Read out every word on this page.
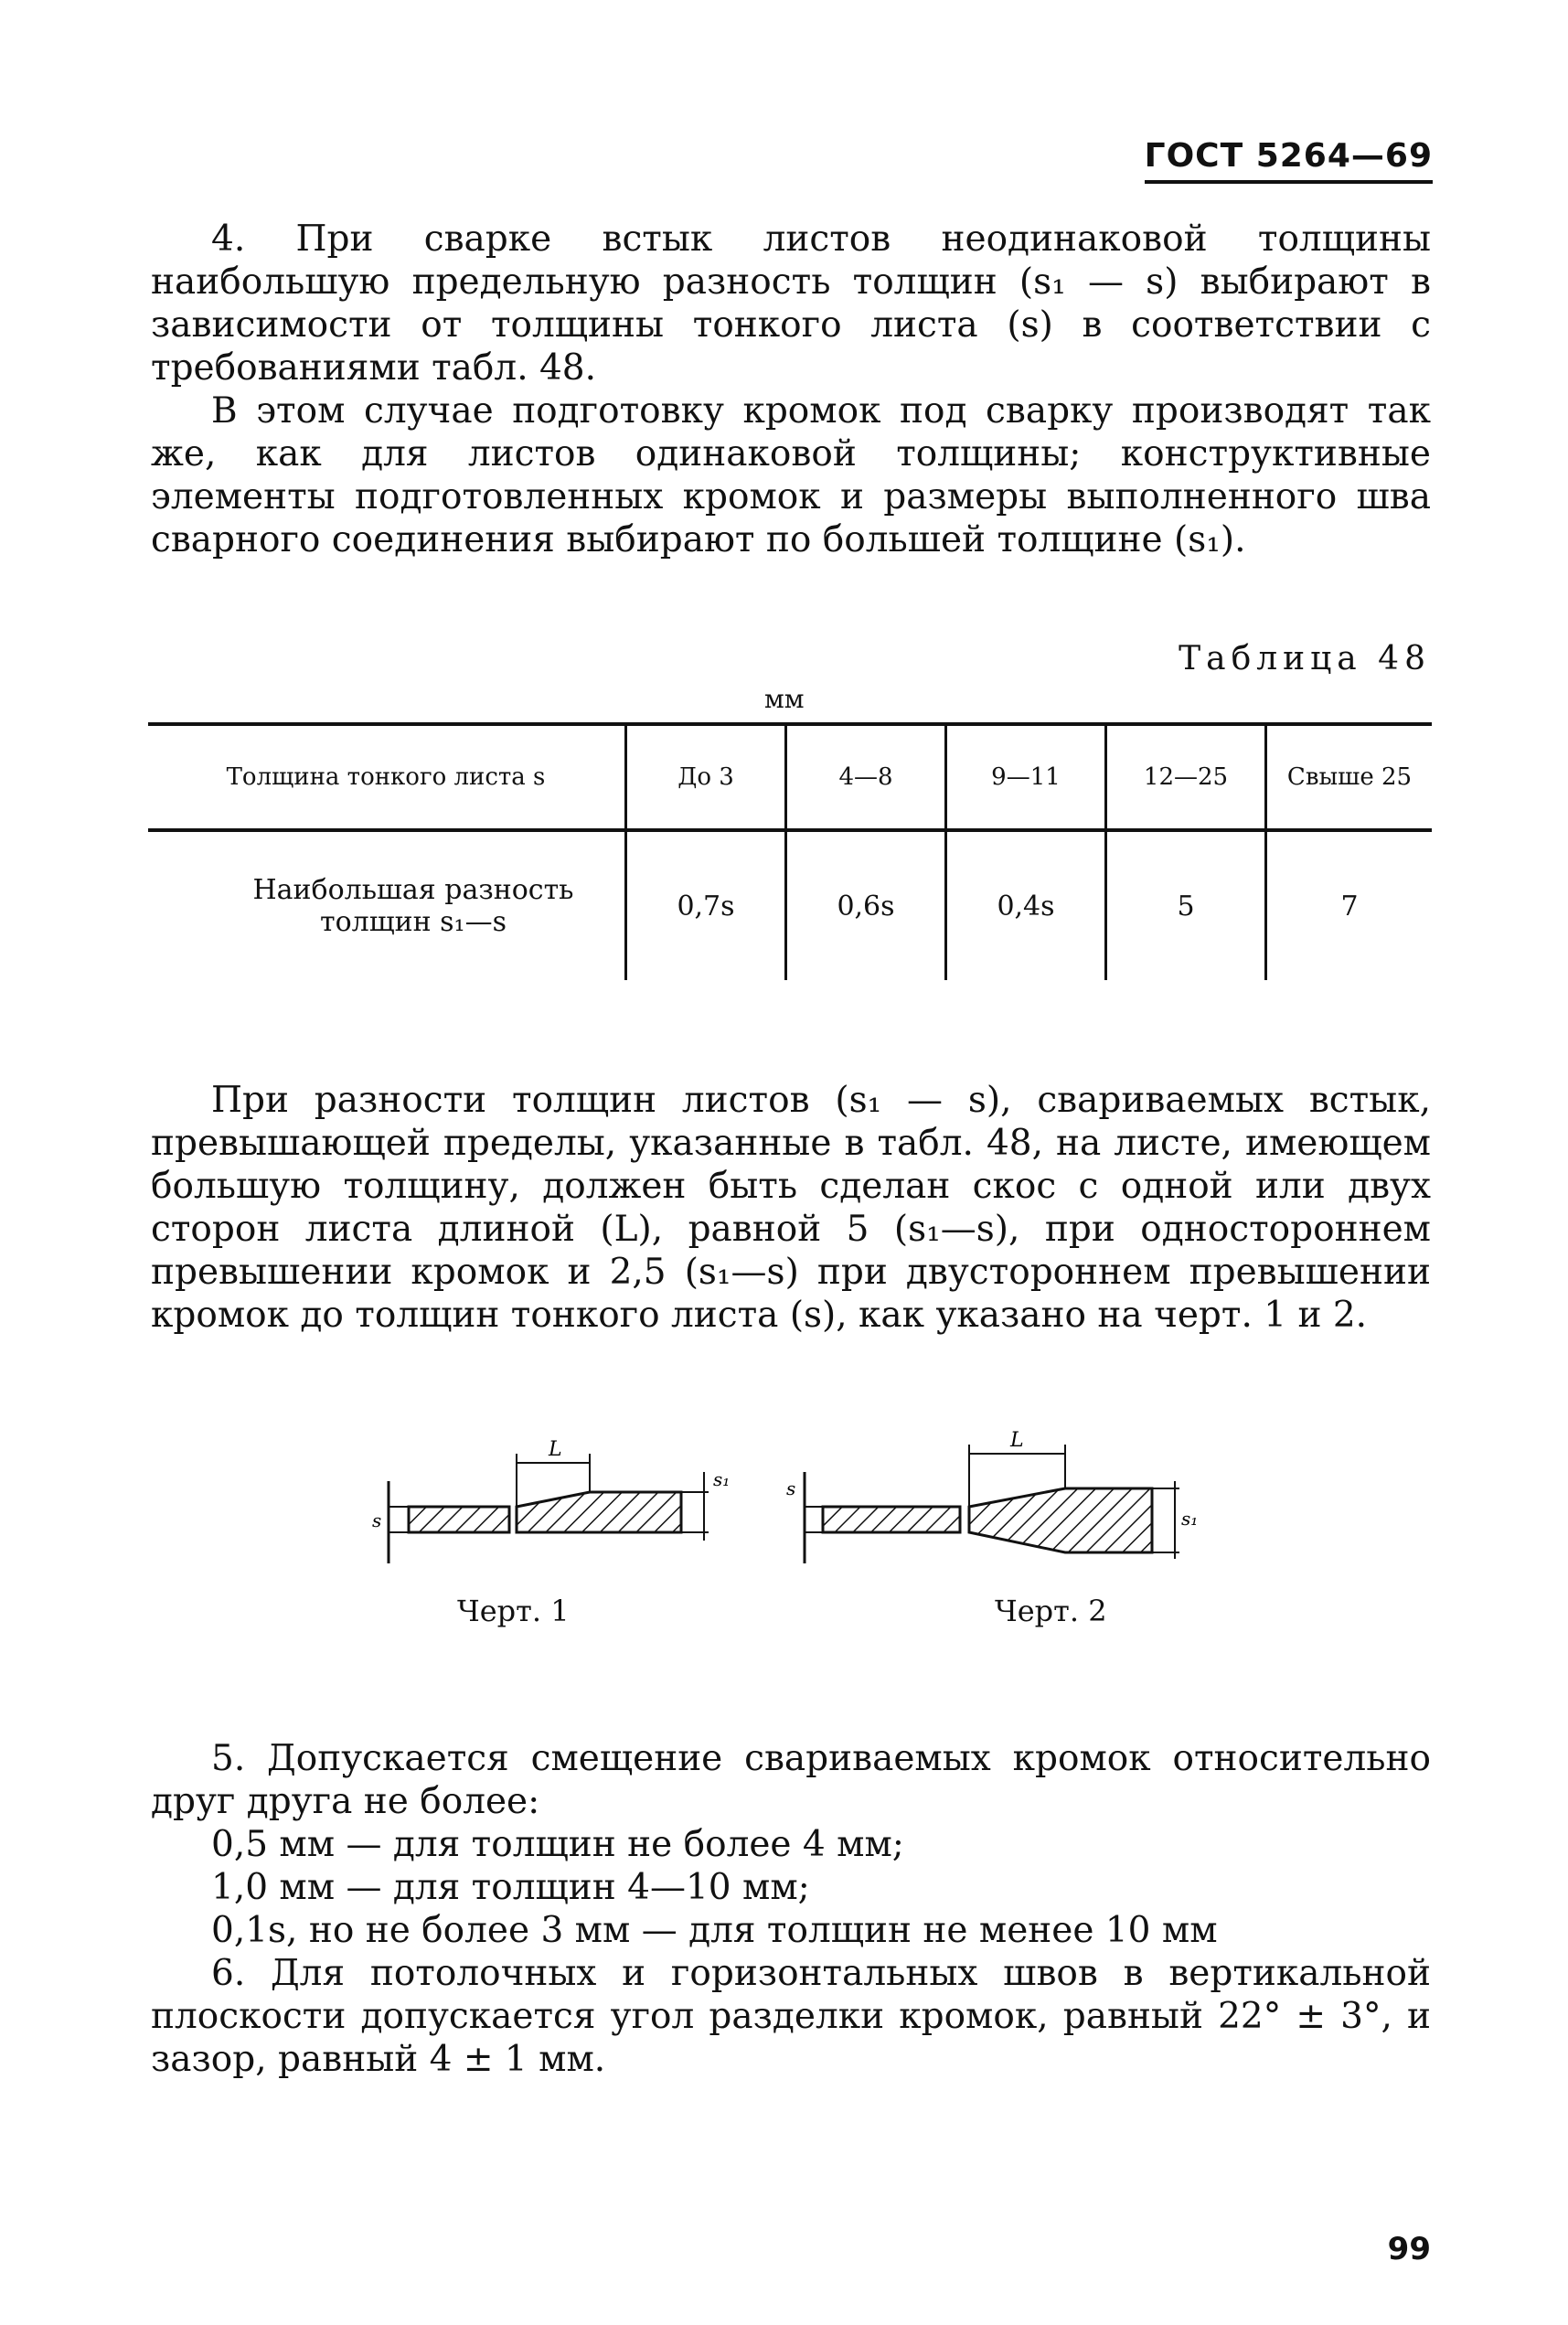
ГОСТ 5264—69
4. При сварке встык листов неодинаковой толщины наибольшую предельную разность толщин (s₁ — s) выбирают в зависимости от толщины тонкого листа (s) в соответствии с требованиями табл. 48.
В этом случае подготовку кромок под сварку производят так же, как для листов одинаковой толщины; конструктивные элементы подготовленных кромок и размеры выполненного шва сварного соединения выбирают по большей толщине (s₁).
Таблица 48
мм
Толщина тонкого листа s	До 3	4—8	9—11	12—25	Свыше 25
Наибольшая разность толщин s₁—s	0,7s	0,6s	0,4s	5	7
При разности толщин листов (s₁ — s), свариваемых встык, превышающей пределы, указанные в табл. 48, на листе, имеющем большую толщину, должен быть сделан скос с одной или двух сторон листа длиной (L), равной 5 (s₁—s), при одностороннем превышении кромок и 2,5 (s₁—s) при двустороннем превышении кромок до толщин тонкого листа (s), как указано на черт. 1 и 2.
L
s
s₁
Черт. 1
L
s
s₁
Черт. 2
5. Допускается смещение свариваемых кромок относительно друг друга не более:
0,5 мм — для толщин не более 4 мм;
1,0 мм — для толщин 4—10 мм;
0,1s, но не более 3 мм — для толщин не менее 10 мм
6. Для потолочных и горизонтальных швов в вертикальной плоскости допускается угол разделки кромок, равный 22° ± 3°, и зазор, равный 4 ± 1 мм.
99
